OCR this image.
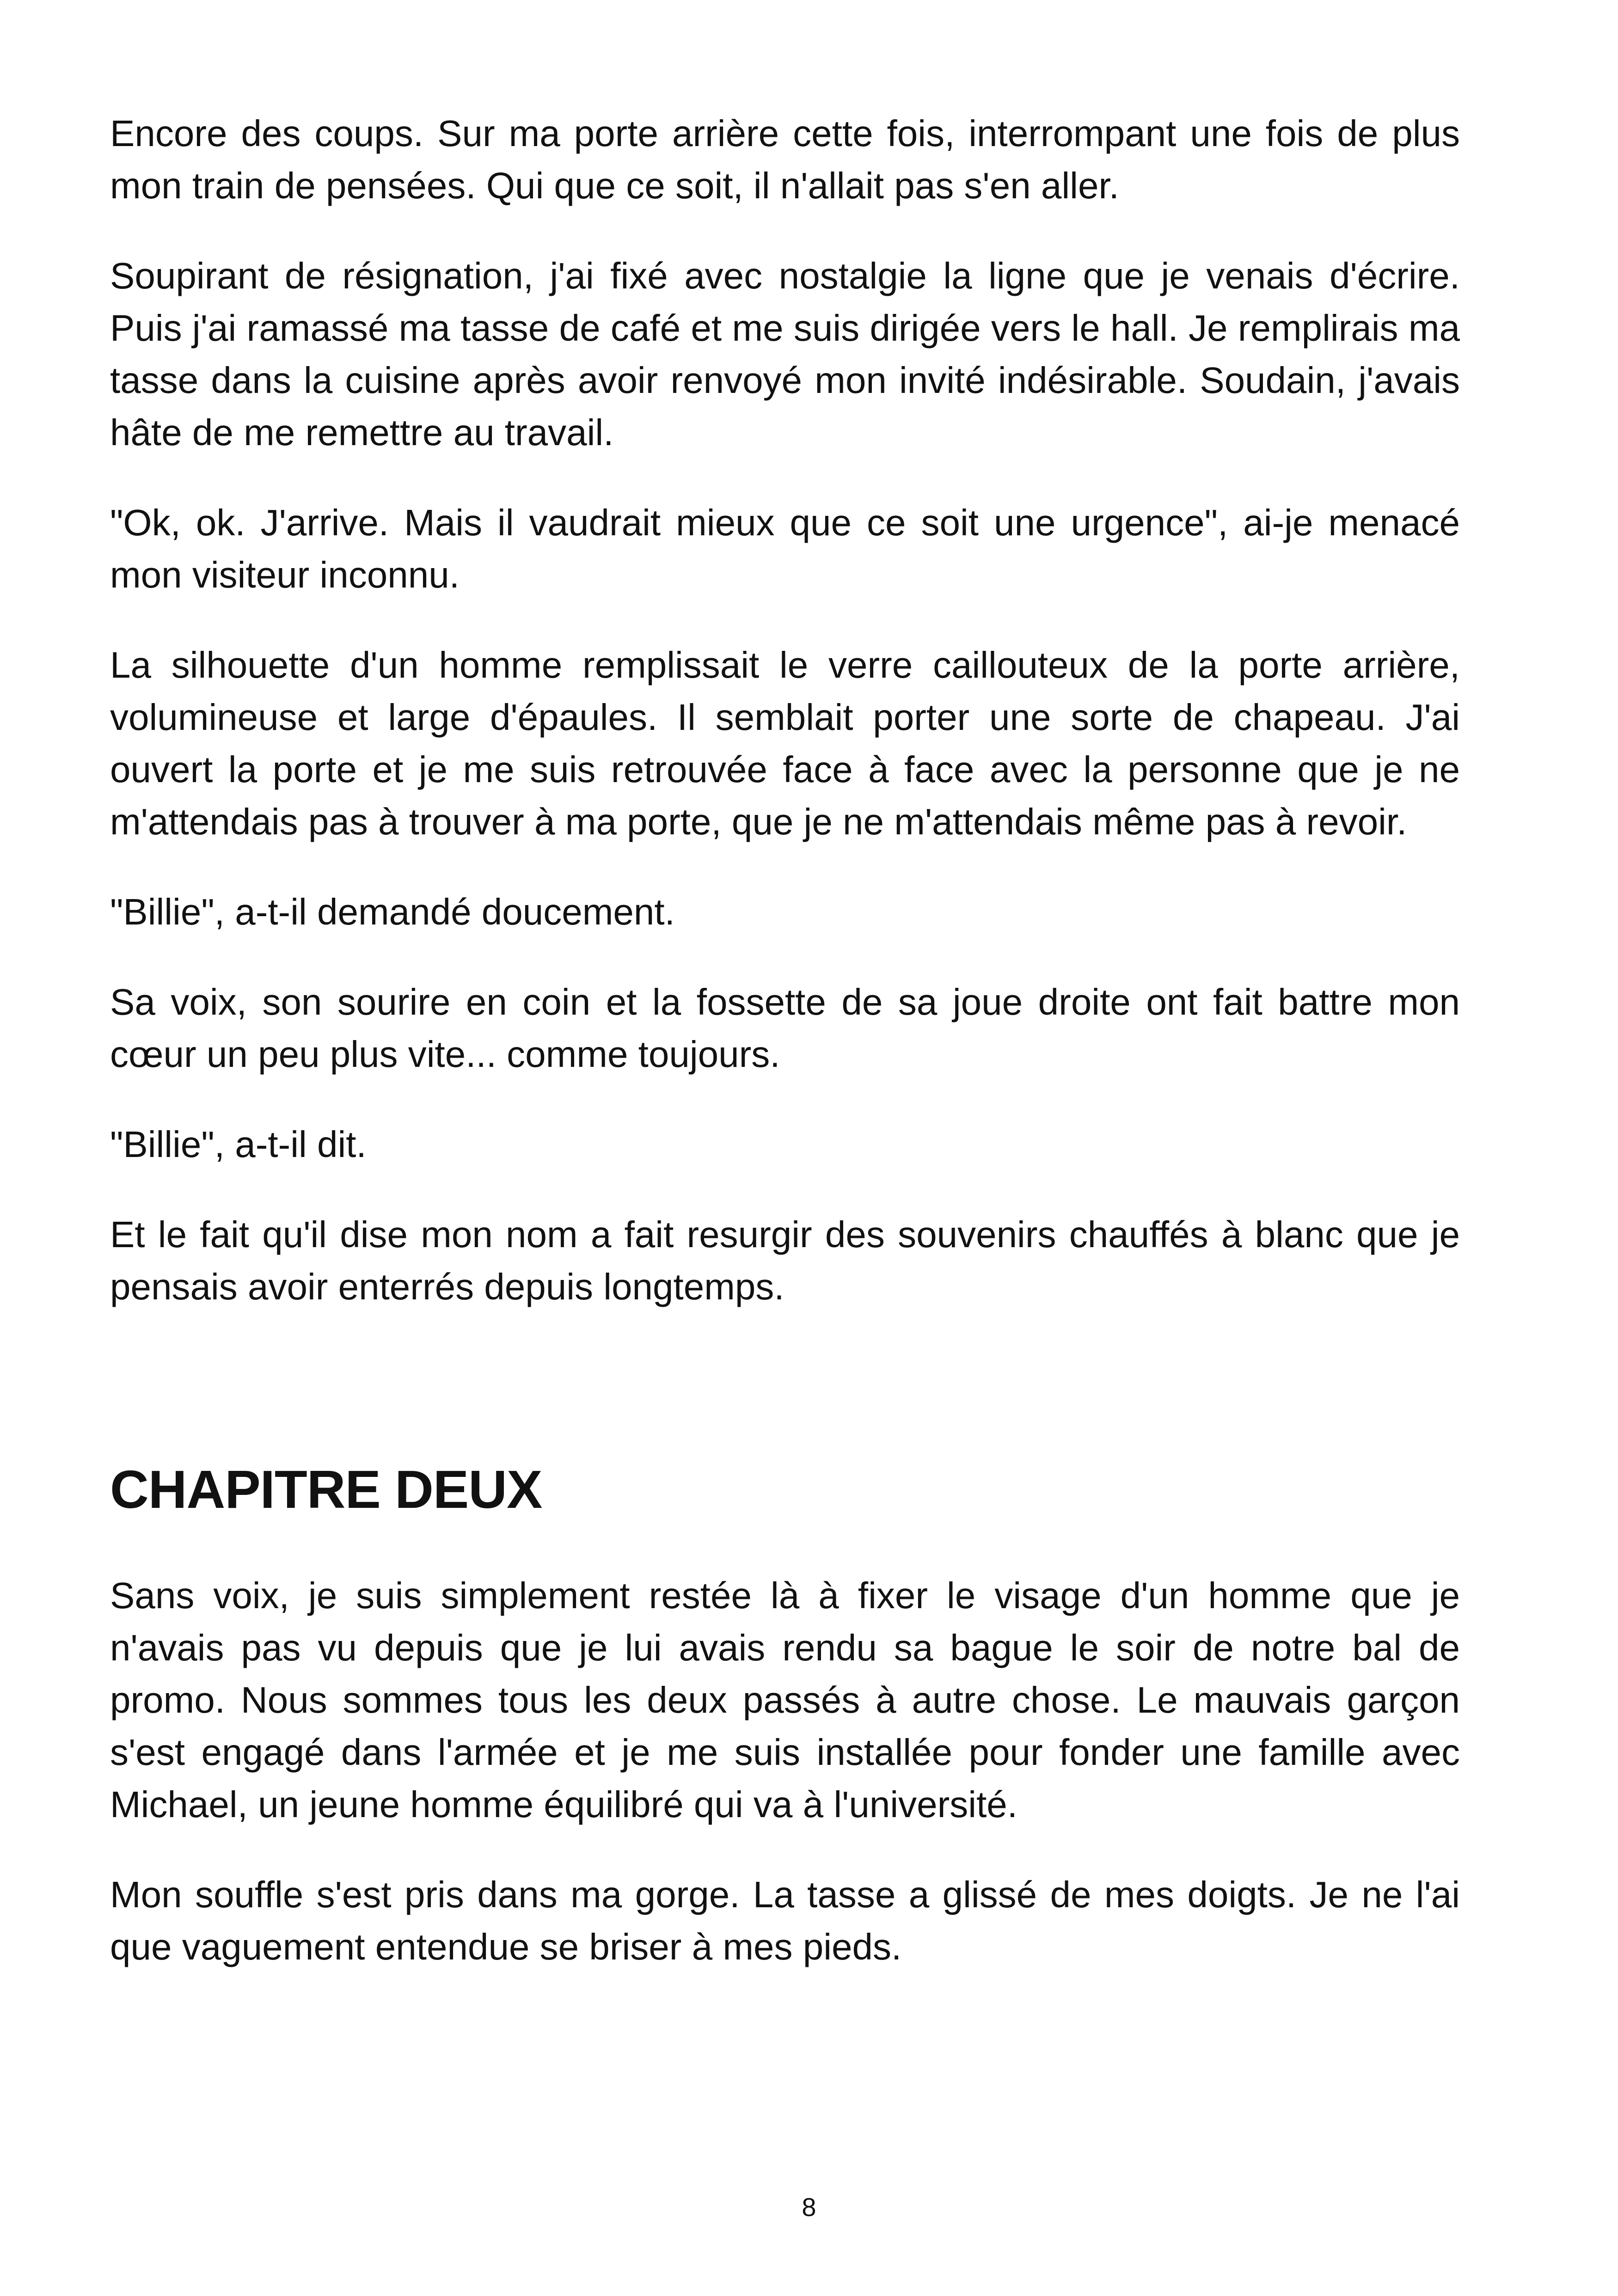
Encore des coups. Sur ma porte arrière cette fois, interrompant une fois de plus mon train de pensées. Qui que ce soit, il n'allait pas s'en aller.

Soupirant de résignation, j'ai fixé avec nostalgie la ligne que je venais d'écrire. Puis j'ai ramassé ma tasse de café et me suis dirigée vers le hall. Je remplirais ma tasse dans la cuisine après avoir renvoyé mon invité indésirable. Soudain, j'avais hâte de me remettre au travail.

"Ok, ok. J'arrive. Mais il vaudrait mieux que ce soit une urgence", ai-je menacé mon visiteur inconnu.

La silhouette d'un homme remplissait le verre caillouteux de la porte arrière, volumineuse et large d'épaules. Il semblait porter une sorte de chapeau. J'ai ouvert la porte et je me suis retrouvée face à face avec la personne que je ne m'attendais pas à trouver à ma porte, que je ne m'attendais même pas à revoir.

"Billie", a-t-il demandé doucement.

Sa voix, son sourire en coin et la fossette de sa joue droite ont fait battre mon cœur un peu plus vite... comme toujours.

"Billie", a-t-il dit.

Et le fait qu'il dise mon nom a fait resurgir des souvenirs chauffés à blanc que je pensais avoir enterrés depuis longtemps.

CHAPITRE DEUX

Sans voix, je suis simplement restée là à fixer le visage d'un homme que je n'avais pas vu depuis que je lui avais rendu sa bague le soir de notre bal de promo. Nous sommes tous les deux passés à autre chose. Le mauvais garçon s'est engagé dans l'armée et je me suis installée pour fonder une famille avec Michael, un jeune homme équilibré qui va à l'université.

Mon souffle s'est pris dans ma gorge. La tasse a glissé de mes doigts. Je ne l'ai que vaguement entendue se briser à mes pieds.

8
